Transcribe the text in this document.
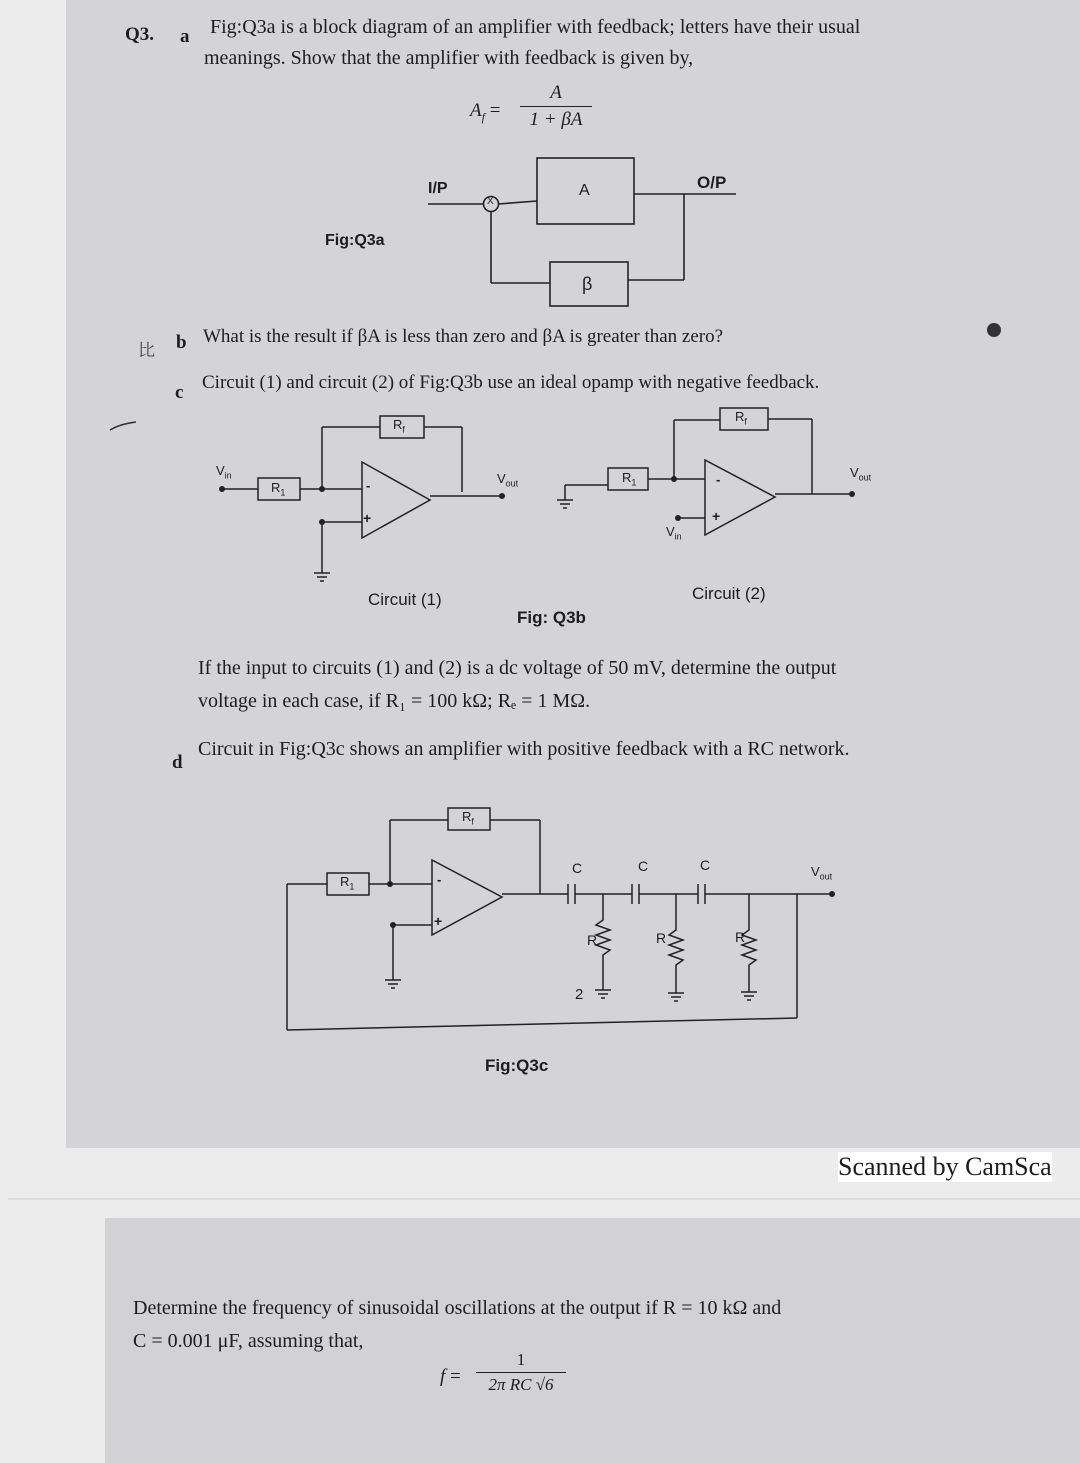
Q3. a Fig:Q3a is a block diagram of an amplifier with feedback; letters have their usual
meanings. Show that the amplifier with feedback is given by,
$A_f$ =
A
1 + βA
I/P
X
A	O/P
β
Fig:Q3a
比 b What is the result if βA is less than zero and βA is greater than zero?
c Circuit (1) and circuit (2) of Fig:Q3b use an ideal opamp with negative feedback.
$R_f$
$V_{in}$
$R_1$	-
+
$V_{out}$
Circuit (1)
$R_f$
$R_1$	-
+
$V_{in}$
$V_{out}$
Circuit (2)
Fig: Q3b
If the input to circuits (1) and (2) is a dc voltage of 50 mV, determine the output
voltage in each case, if R₁ = 100 kΩ; Rₑ = 1 MΩ.
d
Circuit in Fig:Q3c shows an amplifier with positive feedback with a RC network.
$R_f$
$R_1$	-
+
C	C	C
R	R	R
2
$V_{out}$
Fig:Q3c
Scanned by CamSca
Determine the frequency of sinusoidal oscillations at the output if R = 10 kΩ and
C = 0.001 μF, assuming that,
f =
1
2π RC √6
